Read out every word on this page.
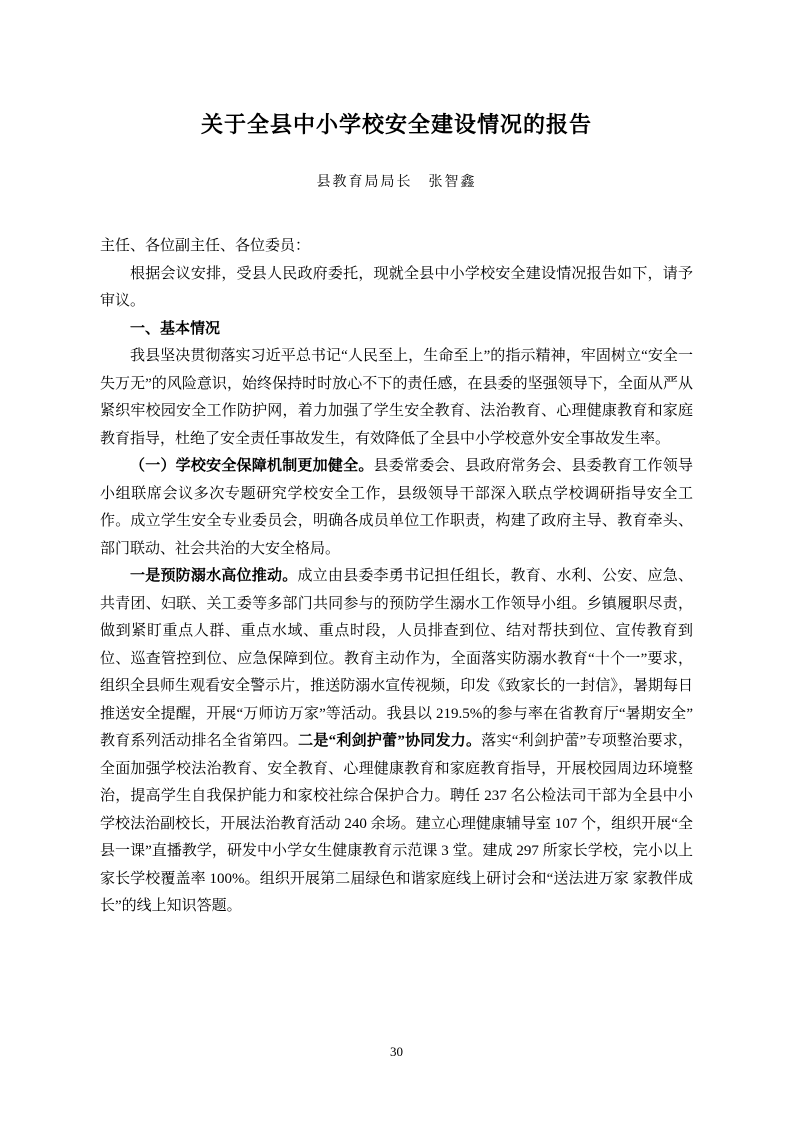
关于全县中小学校安全建设情况的报告
县教育局局长　张智鑫

主任、各位副主任、各位委员：

根据会议安排，受县人民政府委托，现就全县中小学校安全建设情况报告如下，请予审议。

一、基本情况

我县坚决贯彻落实习近平总书记“人民至上，生命至上”的指示精神，牢固树立“安全一失万无”的风险意识，始终保持时时放心不下的责任感，在县委的坚强领导下，全面从严从紧织牢校园安全工作防护网，着力加强了学生安全教育、法治教育、心理健康教育和家庭教育指导，杜绝了安全责任事故发生，有效降低了全县中小学校意外安全事故发生率。

（一）学校安全保障机制更加健全。县委常委会、县政府常务会、县委教育工作领导小组联席会议多次专题研究学校安全工作，县级领导干部深入联点学校调研指导安全工作。成立学生安全专业委员会，明确各成员单位工作职责，构建了政府主导、教育牵头、部门联动、社会共治的大安全格局。

一是预防溺水高位推动。成立由县委李勇书记担任组长，教育、水利、公安、应急、共青团、妇联、关工委等多部门共同参与的预防学生溺水工作领导小组。乡镇履职尽责，做到紧盯重点人群、重点水域、重点时段，人员排查到位、结对帮扶到位、宣传教育到位、巡查管控到位、应急保障到位。教育主动作为，全面落实防溺水教育“十个一”要求，组织全县师生观看安全警示片，推送防溺水宣传视频，印发《致家长的一封信》，暑期每日推送安全提醒，开展“万师访万家”等活动。我县以 219.5%的参与率在省教育厅“暑期安全”教育系列活动排名全省第四。二是“利剑护蕾”协同发力。落实“利剑护蕾”专项整治要求，全面加强学校法治教育、安全教育、心理健康教育和家庭教育指导，开展校园周边环境整治，提高学生自我保护能力和家校社综合保护合力。聘任 237 名公检法司干部为全县中小学校法治副校长，开展法治教育活动 240 余场。建立心理健康辅导室 107 个，组织开展“全县一课”直播教学，研发中小学女生健康教育示范课 3 堂。建成 297 所家长学校，完小以上家长学校覆盖率 100%。组织开展第二届绿色和谐家庭线上研讨会和“送法进万家 家教伴成长”的线上知识答题。

30
